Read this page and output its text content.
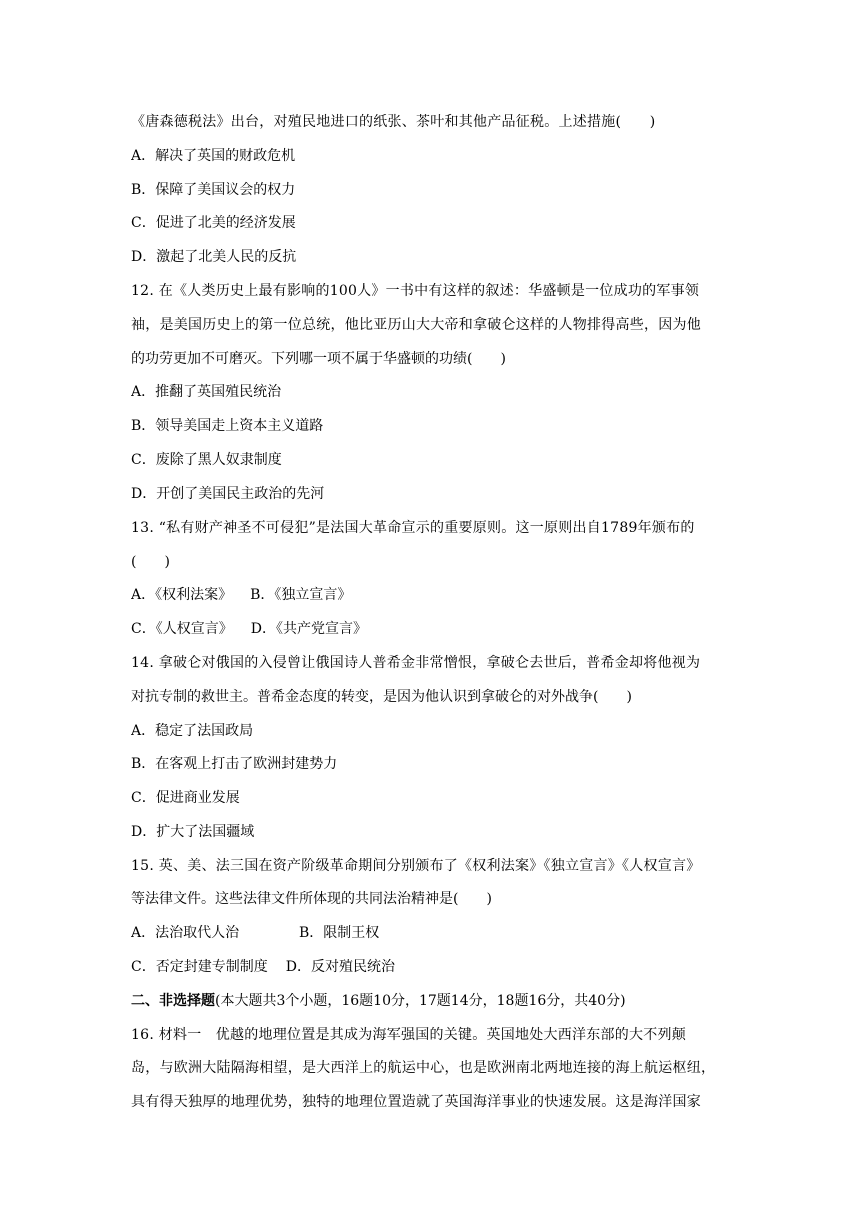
《唐森德税法》出台，对殖民地进口的纸张、茶叶和其他产品征税。上述措施(　　)
A．解决了英国的财政危机
B．保障了美国议会的权力
C．促进了北美的经济发展
D．激起了北美人民的反抗
12. 在《人类历史上最有影响的100人》一书中有这样的叙述：华盛顿是一位成功的军事领
袖，是美国历史上的第一位总统，他比亚历山大大帝和拿破仑这样的人物排得高些，因为他
的功劳更加不可磨灭。下列哪一项不属于华盛顿的功绩(　　)
A．推翻了英国殖民统治
B．领导美国走上资本主义道路
C．废除了黑人奴隶制度
D．开创了美国民主政治的先河
13. “私有财产神圣不可侵犯”是法国大革命宣示的重要原则。这一原则出自1789年颁布的
(　　)
A．《权利法案》 B．《独立宣言》
C．《人权宣言》 D．《共产党宣言》
14. 拿破仑对俄国的入侵曾让俄国诗人普希金非常憎恨，拿破仑去世后，普希金却将他视为
对抗专制的救世主。普希金态度的转变，是因为他认识到拿破仑的对外战争(　　)
A．稳定了法国政局
B．在客观上打击了欧洲封建势力
C．促进商业发展
D．扩大了法国疆域
15. 英、美、法三国在资产阶级革命期间分别颁布了《权利法案》《独立宣言》《人权宣言》
等法律文件。这些法律文件所体现的共同法治精神是(　　)
A．法治取代人治	B．限制王权
C．否定封建专制制度 D．反对殖民统治
二、非选择题(本大题共3个小题，16题10分，17题14分，18题16分，共40分)
16. 材料一　优越的地理位置是其成为海军强国的关键。英国地处大西洋东部的大不列颠
岛，与欧洲大陆隔海相望，是大西洋上的航运中心，也是欧洲南北两地连接的海上航运枢纽，
具有得天独厚的地理优势，独特的地理位置造就了英国海洋事业的快速发展。这是海洋国家
